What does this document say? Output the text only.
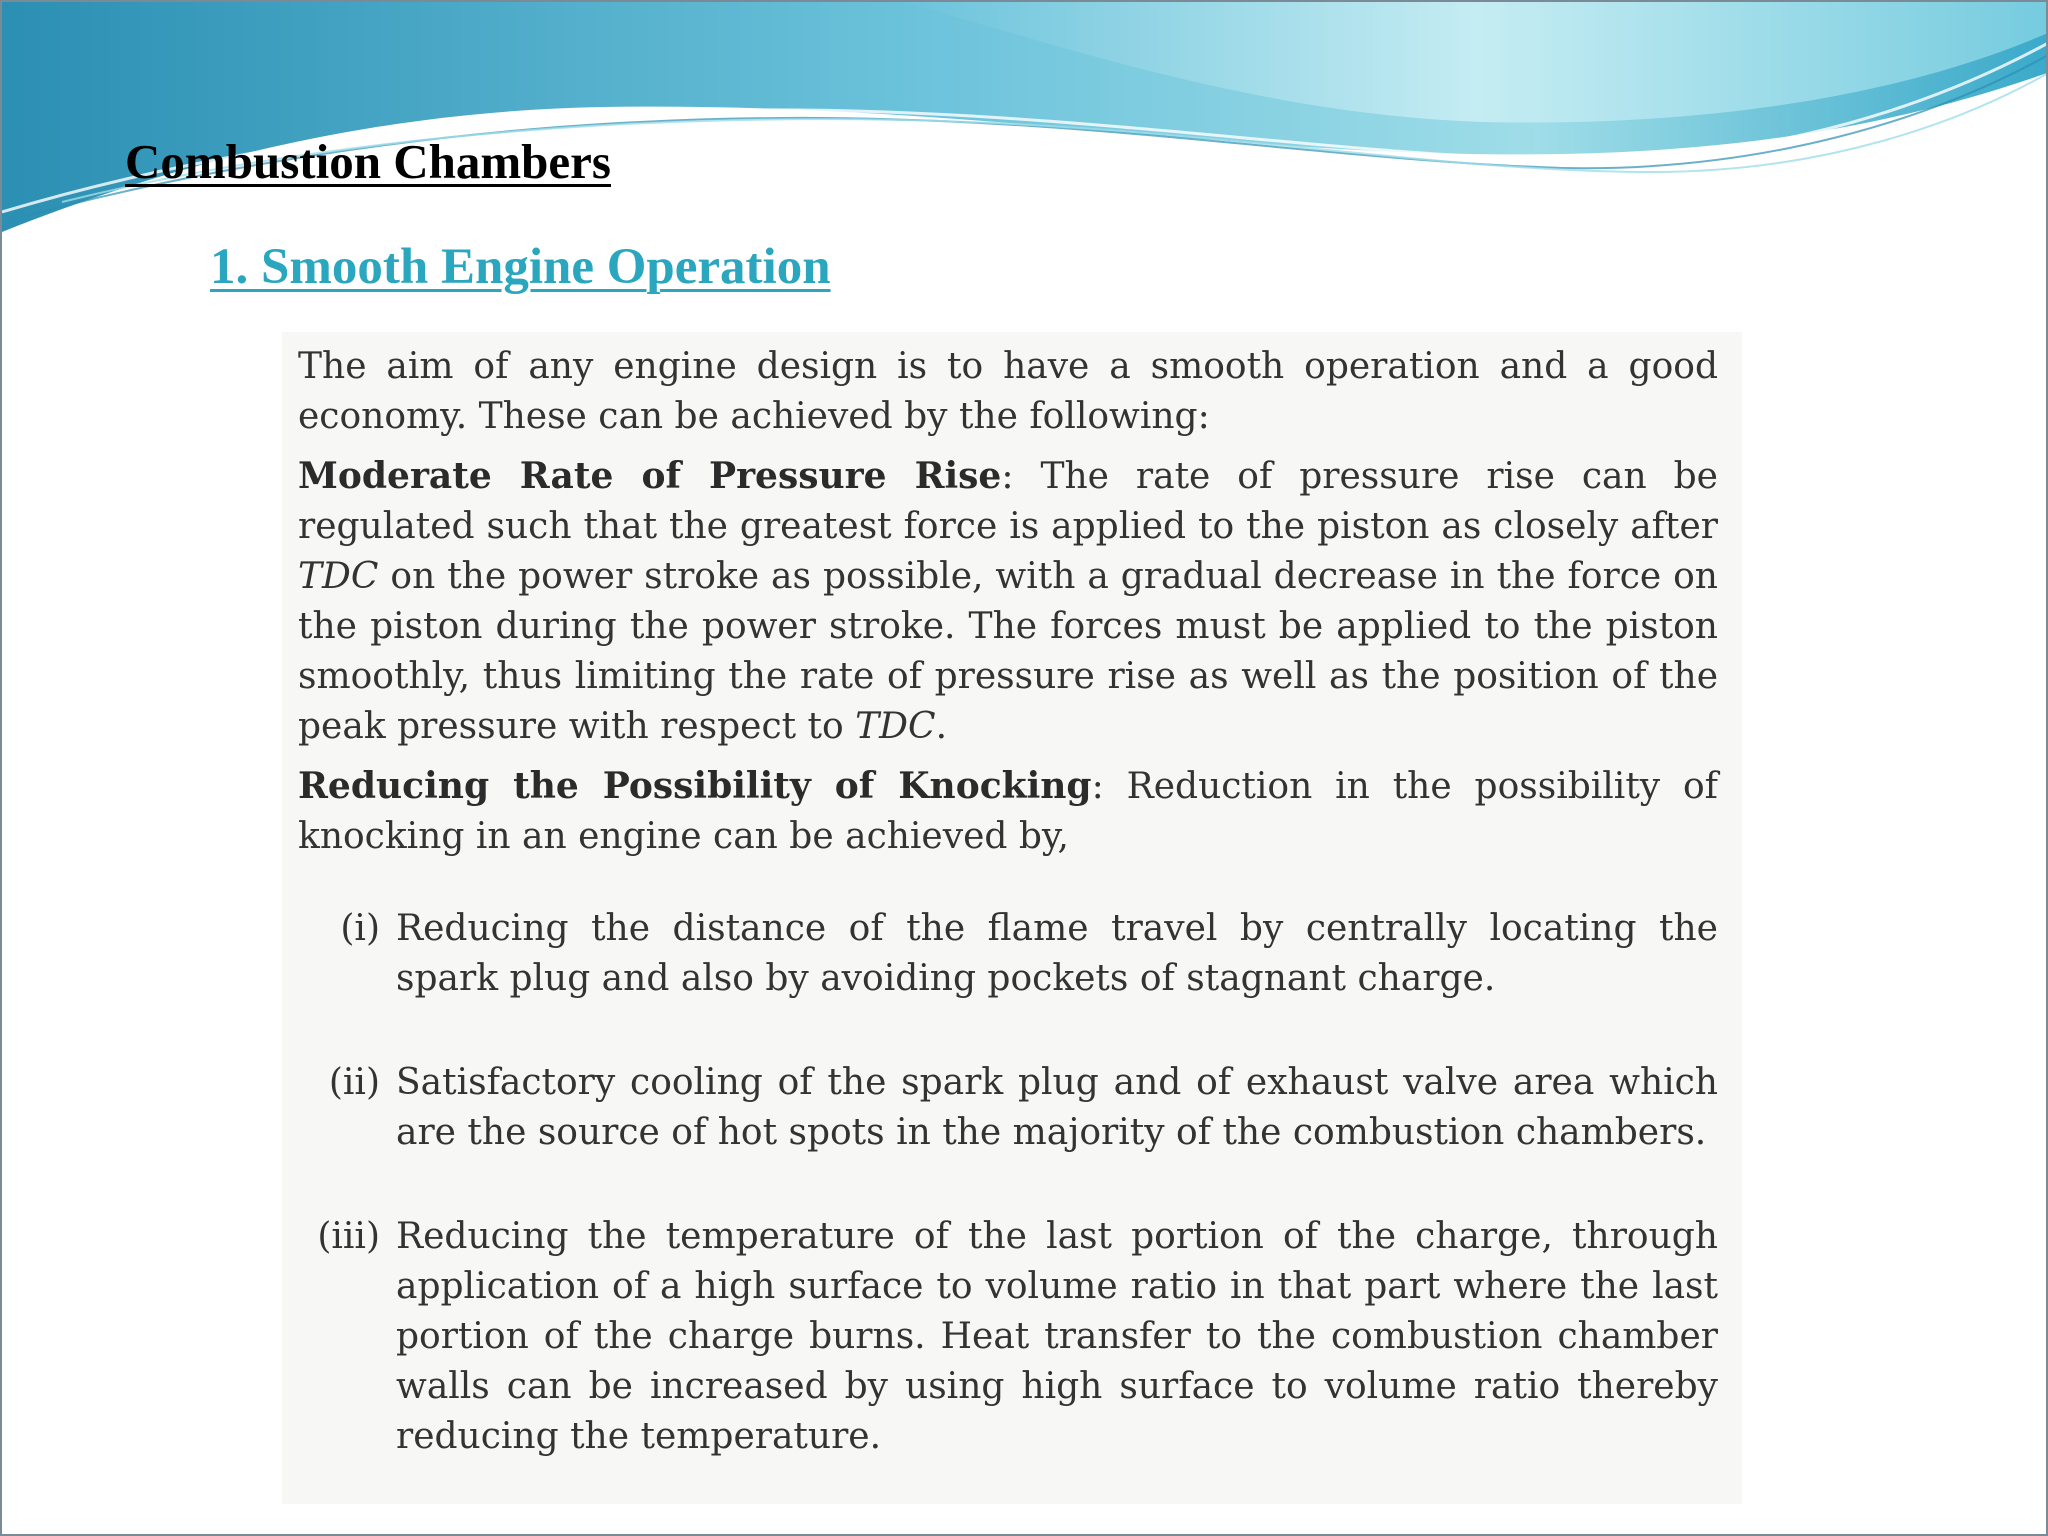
Combustion Chambers
1. Smooth Engine Operation

The aim of any engine design is to have a smooth operation and a good economy. These can be achieved by the following:

Moderate Rate of Pressure Rise: The rate of pressure rise can be regulated such that the greatest force is applied to the piston as closely after TDC on the power stroke as possible, with a gradual decrease in the force on the piston during the power stroke. The forces must be applied to the piston smoothly, thus limiting the rate of pressure rise as well as the position of the peak pressure with respect to TDC.

Reducing the Possibility of Knocking: Reduction in the possibility of knocking in an engine can be achieved by,

(i) Reducing the distance of the flame travel by centrally locating the spark plug and also by avoiding pockets of stagnant charge.
(ii) Satisfactory cooling of the spark plug and of exhaust valve area which are the source of hot spots in the majority of the combustion chambers.
(iii) Reducing the temperature of the last portion of the charge, through application of a high surface to volume ratio in that part where the last portion of the charge burns. Heat transfer to the combustion chamber walls can be increased by using high surface to volume ratio thereby reducing the temperature.
